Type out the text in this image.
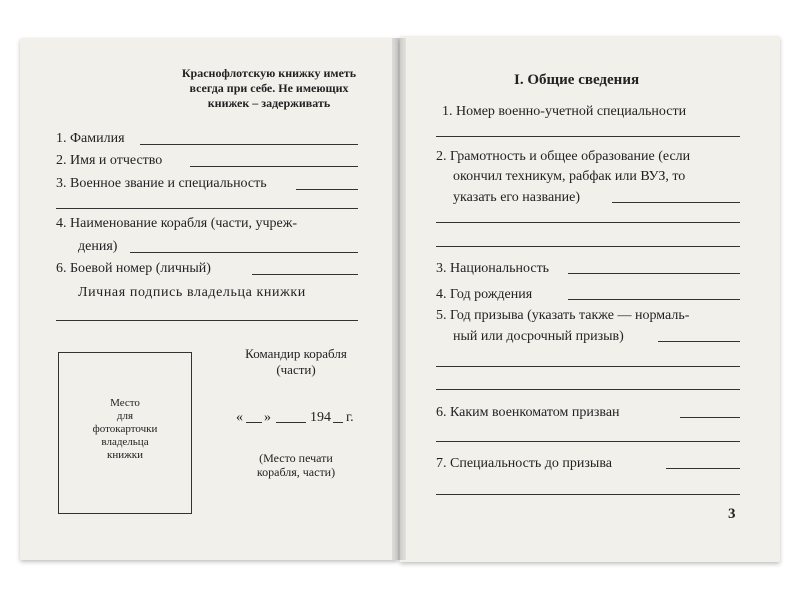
Краснофлотскую книжку иметь
всегда при себе. Не имеющих
книжек – задерживать
1. Фамилия
2. Имя и отчество
3. Военное звание и специальность
4. Наименование корабля (части, учреж-
дения)
6. Боевой номер (личный)
Личная подпись владельца книжки
Место
для
фотокарточки
владельца
книжки
Командир корабля
(части)
« »	194 г.
(Место печати
корабля, части)
I. Общие сведения
1. Номер военно-учетной специальности
2. Грамотность и общее образование (если
окончил техникум, рабфак или ВУЗ, то
указать его название)
3. Национальность
4. Год рождения
5. Год призыва (указать также — нормаль-
ный или досрочный призыв)
6. Каким военкоматом призван
7. Специальность до призыва
3
